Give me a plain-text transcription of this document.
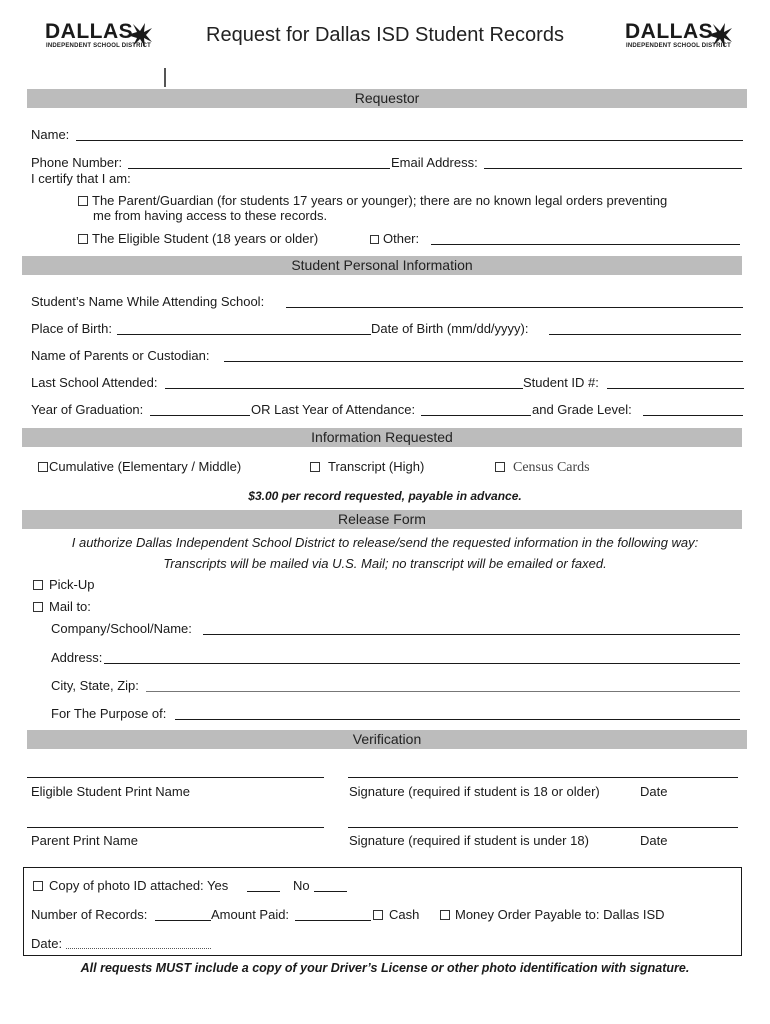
DALLAS
INDEPENDENT SCHOOL DISTRICT	Request for Dallas ISD Student Records	DALLAS
INDEPENDENT SCHOOL DISTRICT
Requestor
Name:
Phone Number:	Email Address:
I certify that I am:
The Parent/Guardian (for students 17 years or younger); there are no known legal orders preventing
me from having access to these records.
The Eligible Student (18 years or older)	Other:
Student Personal Information
Student’s Name While Attending School:
Place of Birth:	Date of Birth (mm/dd/yyyy):
Name of Parents or Custodian:
Last School Attended:	Student ID #:
Year of Graduation:	OR Last Year of Attendance:	and Grade Level:
Information Requested
Cumulative (Elementary / Middle)	Transcript (High)	Census Cards
$3.00 per record requested, payable in advance.
Release Form
I authorize Dallas Independent School District to release/send the requested information in the following way:
Transcripts will be mailed via U.S. Mail; no transcript will be emailed or faxed.
Pick-Up
Mail to:
Company/School/Name:
Address:
City, State, Zip:
For The Purpose of:
Verification
Eligible Student Print Name	Signature (required if student is 18 or older)	Date
Parent Print Name	Signature (required if student is under 18)	Date
Copy of photo ID attached: Yes	No
Number of Records:	Amount Paid:	Cash	Money Order Payable to: Dallas ISD
Date:
All requests MUST include a copy of your Driver’s License or other photo identification with signature.
